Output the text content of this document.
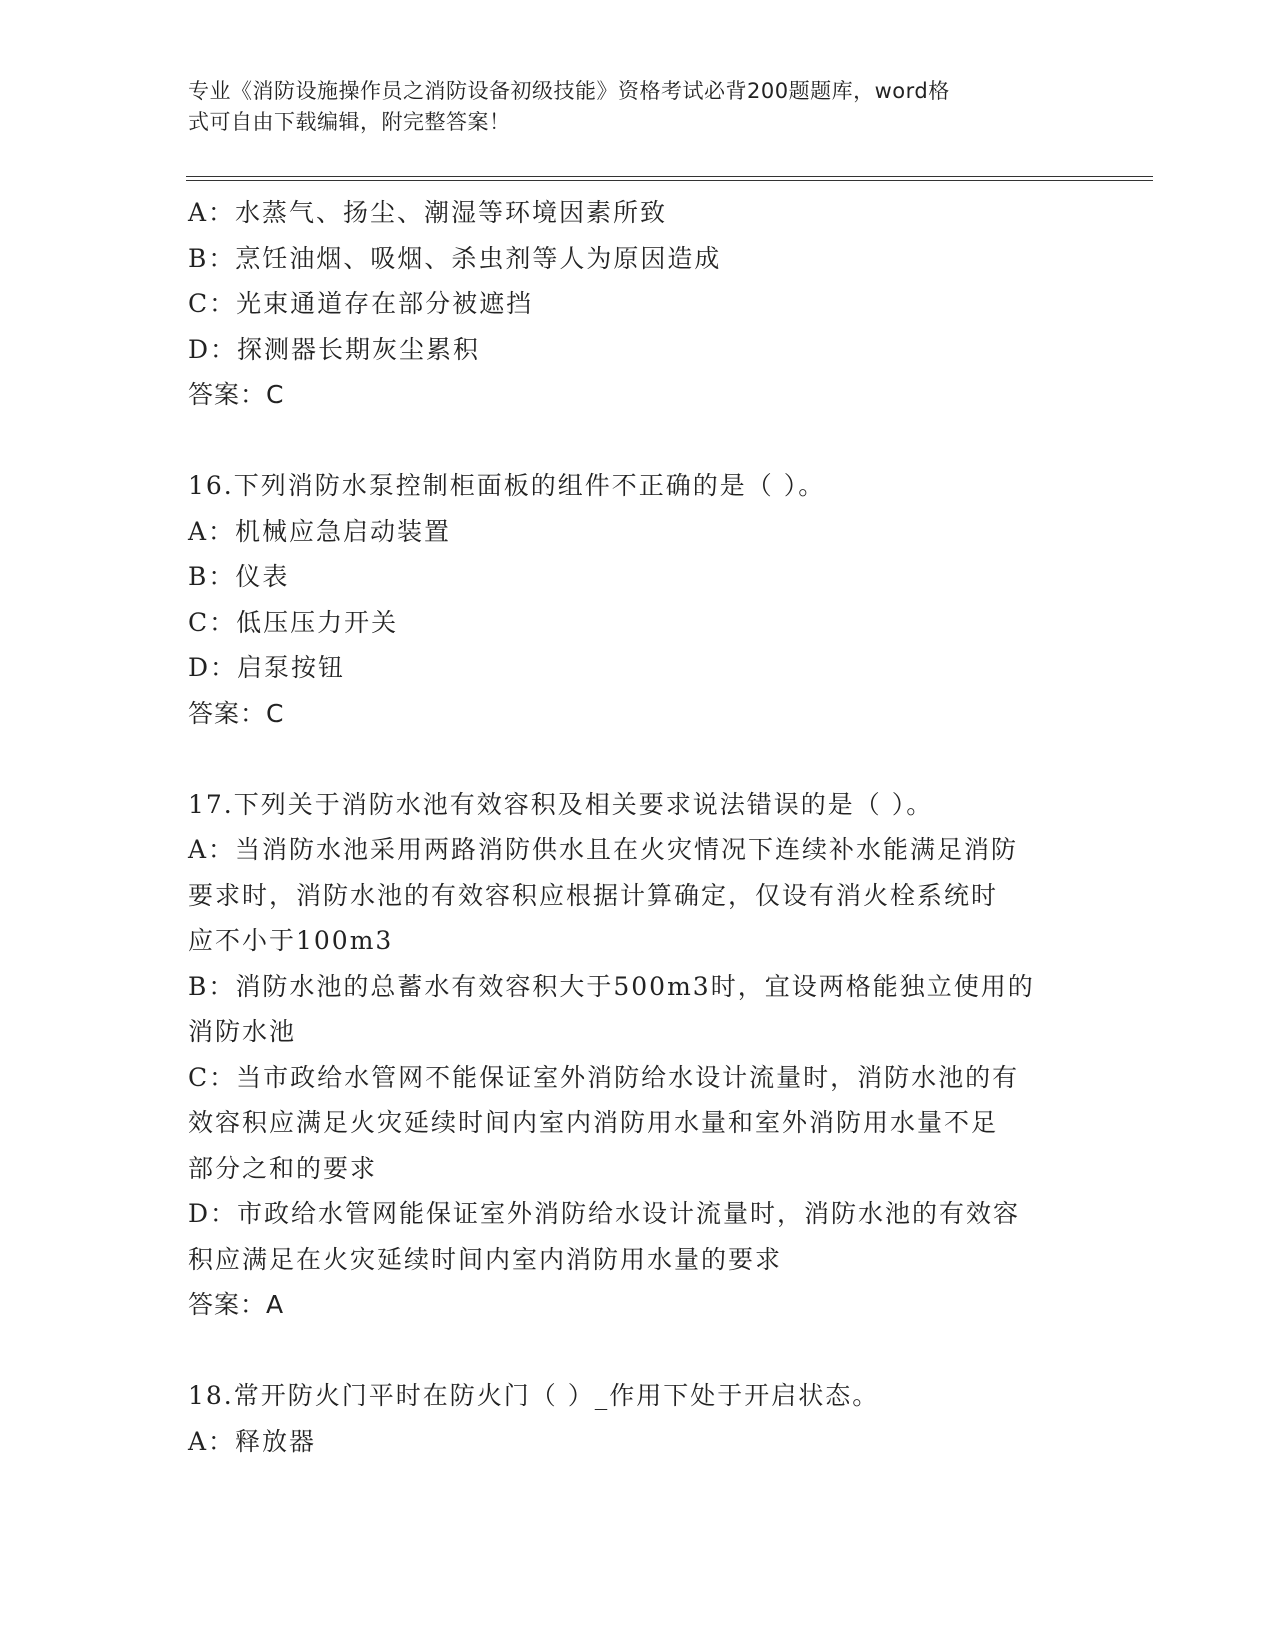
专业《消防设施操作员之消防设备初级技能》资格考试必背200题题库，word格
式可自由下载编辑，附完整答案！
A：水蒸气、扬尘、潮湿等环境因素所致
B：烹饪油烟、吸烟、杀虫剂等人为原因造成
C：光束通道存在部分被遮挡
D：探测器长期灰尘累积
答案：C
16.下列消防水泵控制柜面板的组件不正确的是（ ）。
A：机械应急启动装置
B：仪表
C：低压压力开关
D：启泵按钮
答案：C
17.下列关于消防水池有效容积及相关要求说法错误的是（ ）。
A：当消防水池采用两路消防供水且在火灾情况下连续补水能满足消防
要求时，消防水池的有效容积应根据计算确定，仅设有消火栓系统时
应不小于100m3
B：消防水池的总蓄水有效容积大于500m3时，宜设两格能独立使用的
消防水池
C：当市政给水管网不能保证室外消防给水设计流量时，消防水池的有
效容积应满足火灾延续时间内室内消防用水量和室外消防用水量不足
部分之和的要求
D：市政给水管网能保证室外消防给水设计流量时，消防水池的有效容
积应满足在火灾延续时间内室内消防用水量的要求
答案：A
18.常开防火门平时在防火门（ ）_作用下处于开启状态。
A：释放器
